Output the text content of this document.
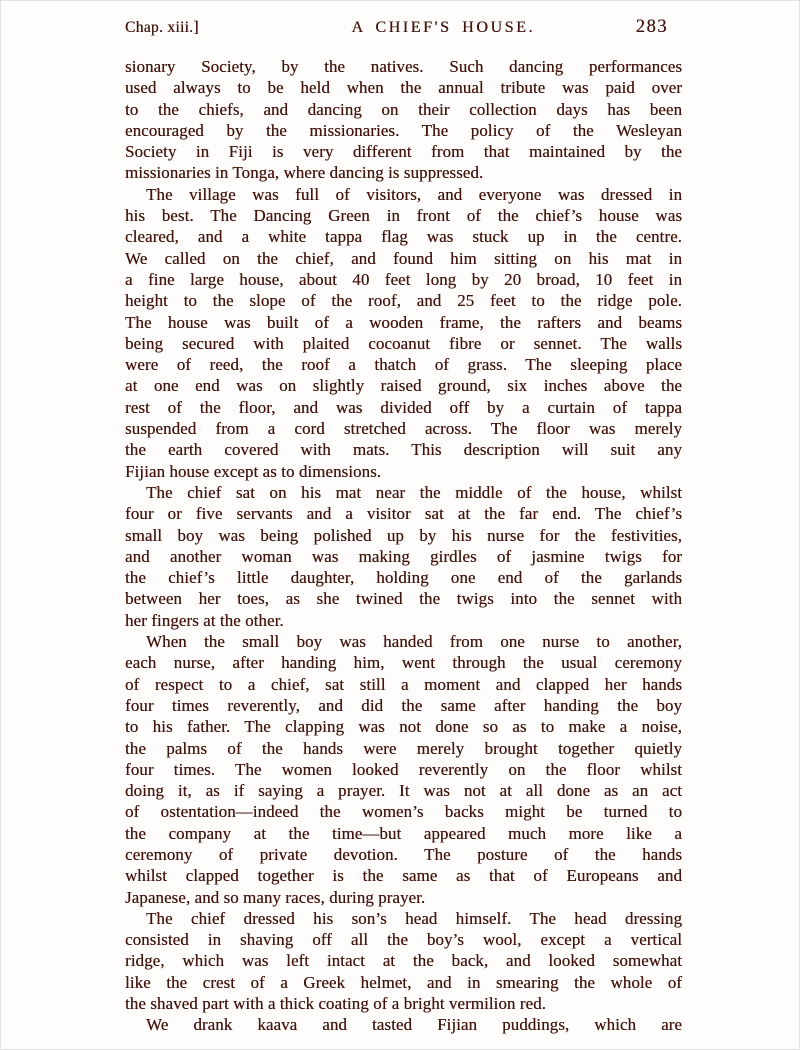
Chap. xiii.]	A CHIEF'S HOUSE.	283
sionary Society, by the natives. Such dancing performances
used always to be held when the annual tribute was paid over
to the chiefs, and dancing on their collection days has been
encouraged by the missionaries. The policy of the Wesleyan
Society in Fiji is very different from that maintained by the
missionaries in Tonga, where dancing is suppressed.
The village was full of visitors, and everyone was dressed in
his best. The Dancing Green in front of the chief’s house was
cleared, and a white tappa flag was stuck up in the centre.
We called on the chief, and found him sitting on his mat in
a fine large house, about 40 feet long by 20 broad, 10 feet in
height to the slope of the roof, and 25 feet to the ridge pole.
The house was built of a wooden frame, the rafters and beams
being secured with plaited cocoanut fibre or sennet. The walls
were of reed, the roof a thatch of grass. The sleeping place
at one end was on slightly raised ground, six inches above the
rest of the floor, and was divided off by a curtain of tappa
suspended from a cord stretched across. The floor was merely
the earth covered with mats. This description will suit any
Fijian house except as to dimensions.
The chief sat on his mat near the middle of the house, whilst
four or five servants and a visitor sat at the far end. The chief’s
small boy was being polished up by his nurse for the festivities,
and another woman was making girdles of jasmine twigs for
the chief’s little daughter, holding one end of the garlands
between her toes, as she twined the twigs into the sennet with
her fingers at the other.
When the small boy was handed from one nurse to another,
each nurse, after handing him, went through the usual ceremony
of respect to a chief, sat still a moment and clapped her hands
four times reverently, and did the same after handing the boy
to his father. The clapping was not done so as to make a noise,
the palms of the hands were merely brought together quietly
four times. The women looked reverently on the floor whilst
doing it, as if saying a prayer. It was not at all done as an act
of ostentation—indeed the women’s backs might be turned to
the company at the time—but appeared much more like a
ceremony of private devotion. The posture of the hands
whilst clapped together is the same as that of Europeans and
Japanese, and so many races, during prayer.
The chief dressed his son’s head himself. The head dressing
consisted in shaving off all the boy’s wool, except a vertical
ridge, which was left intact at the back, and looked somewhat
like the crest of a Greek helmet, and in smearing the whole of
the shaved part with a thick coating of a bright vermilion red.
We drank kaava and tasted Fijian puddings, which are
